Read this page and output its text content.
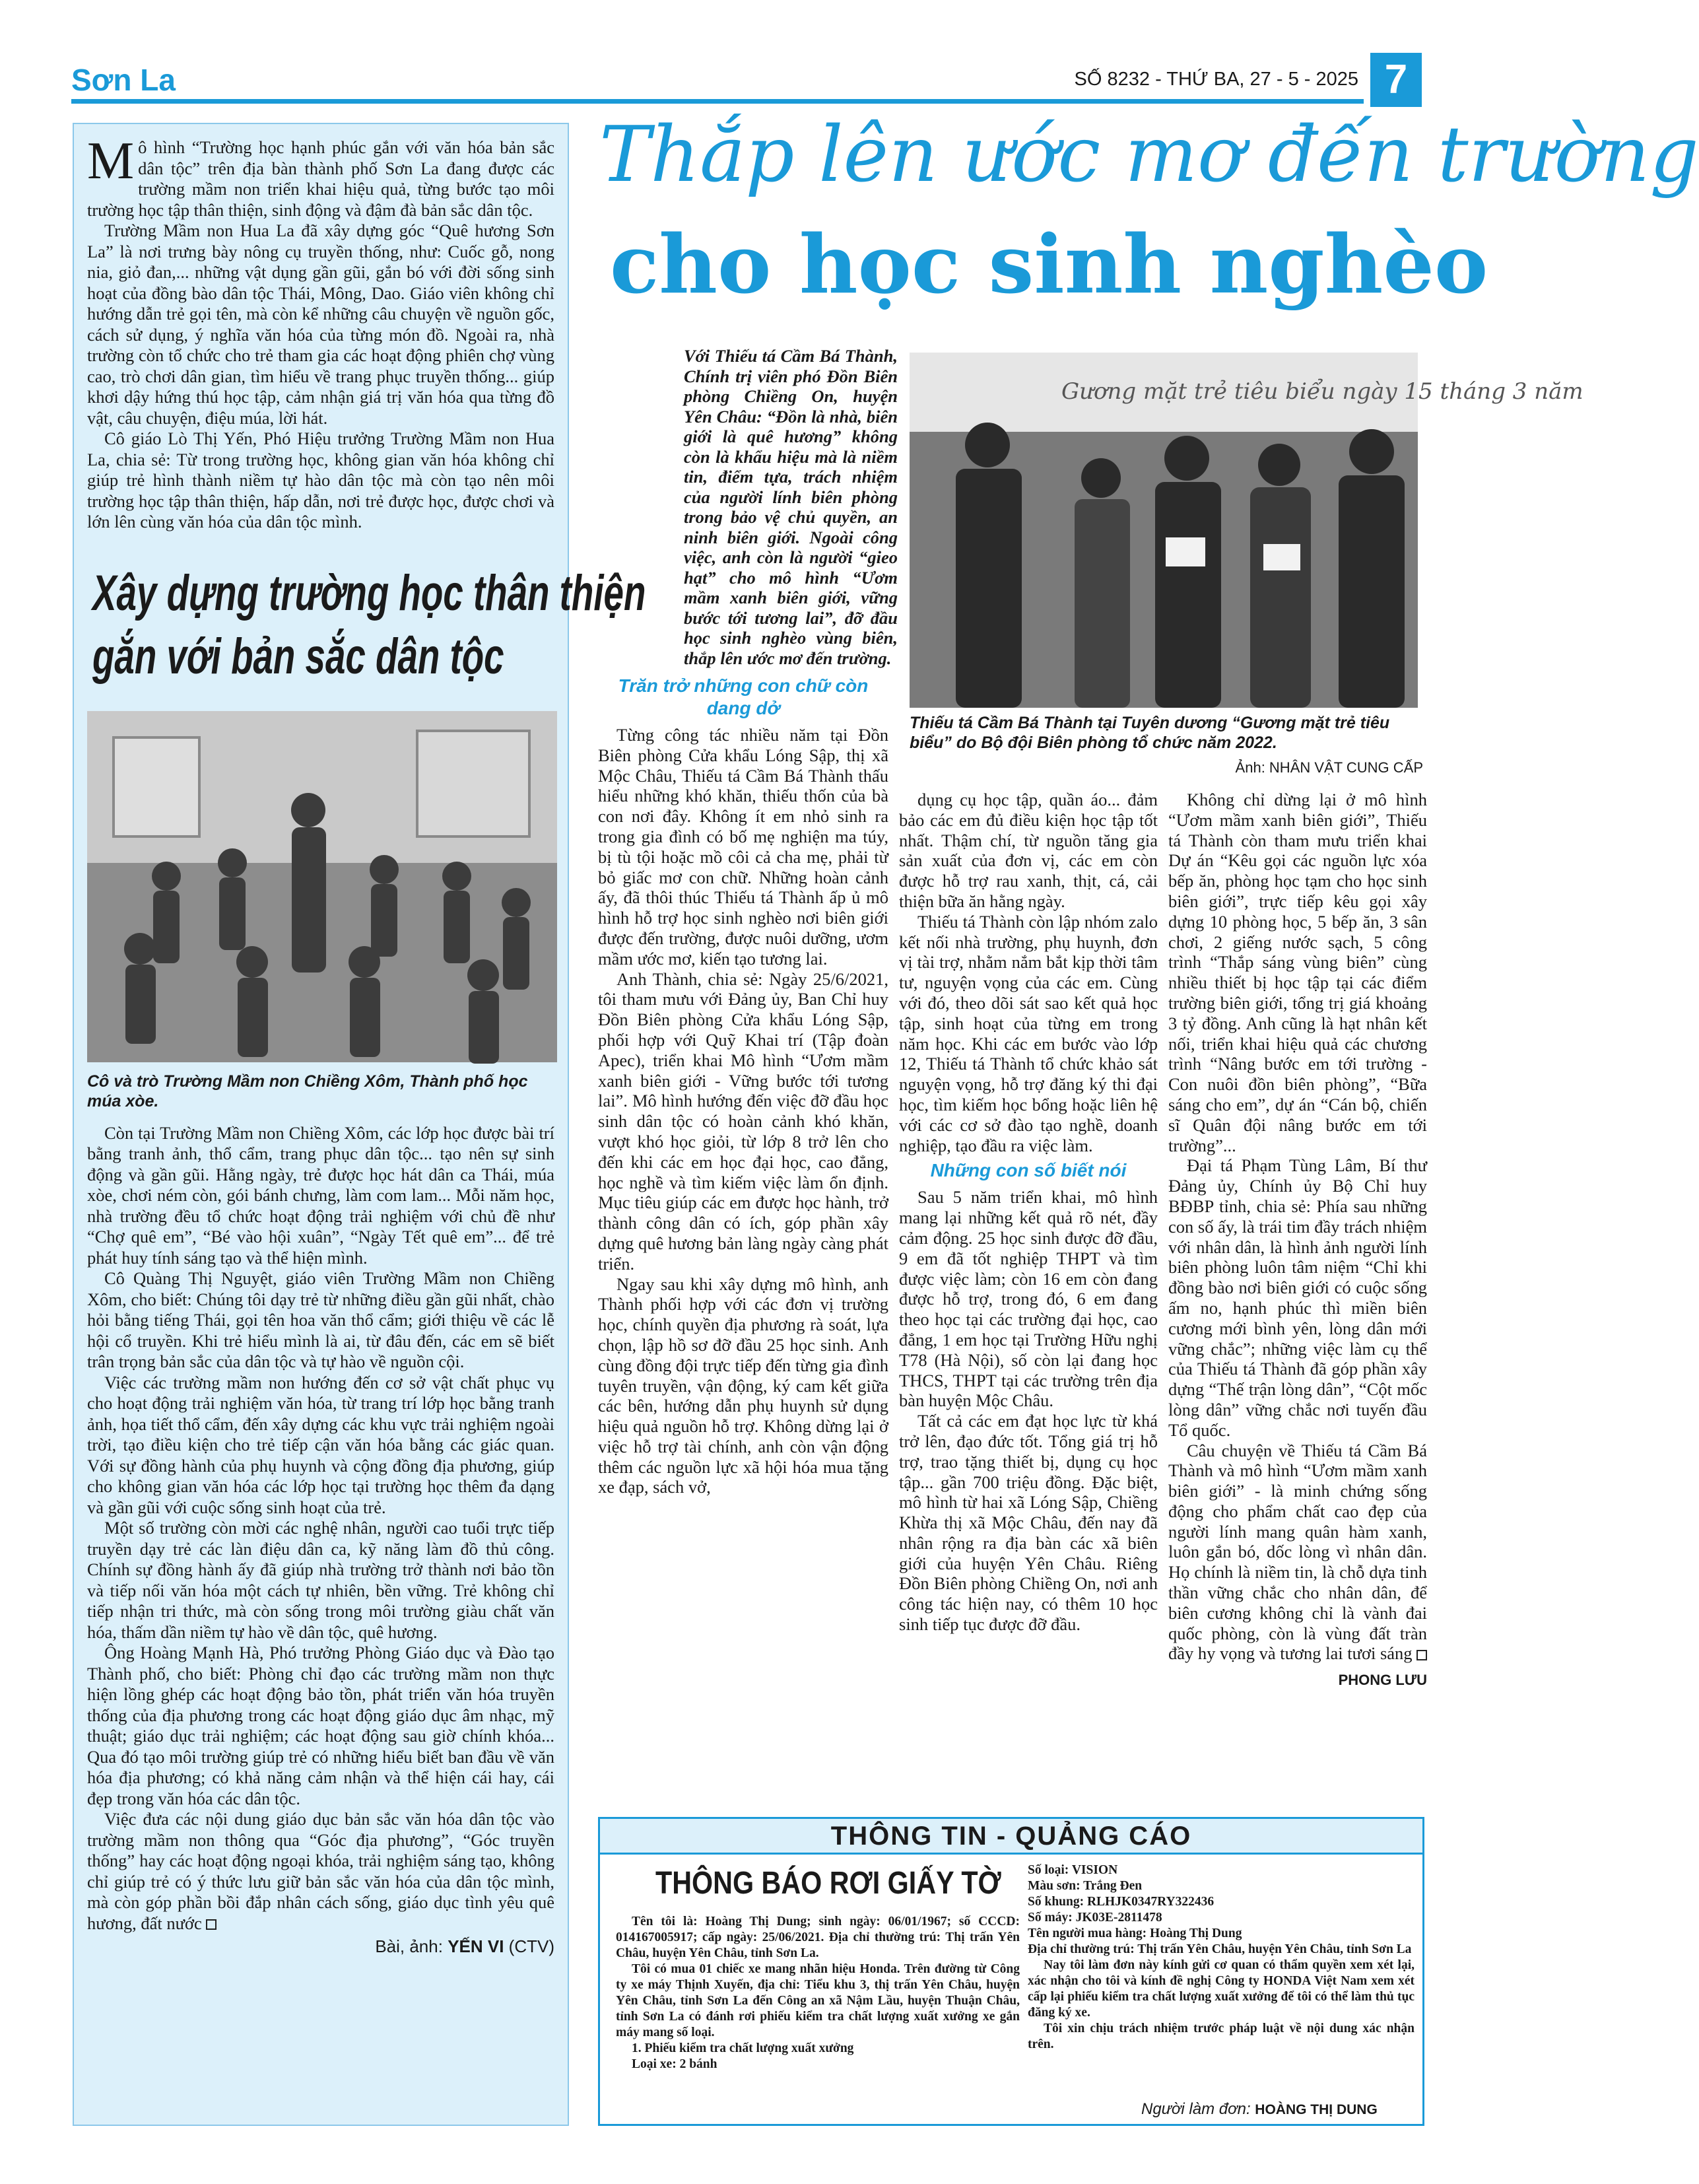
Sơn La	SỐ 8232 - THỨ BA, 27 - 5 - 2025 7

Mô hình “Trường học hạnh phúc gắn với văn hóa bản sắc dân tộc” trên địa bàn thành phố Sơn La đang được các trường mầm non triển khai hiệu quả, từng bước tạo môi trường học tập thân thiện, sinh động và đậm đà bản sắc dân tộc.

Trường Mầm non Hua La đã xây dựng góc “Quê hương Sơn La” là nơi trưng bày nông cụ truyền thống, như: Cuốc gỗ, nong nia, giỏ đan,... những vật dụng gần gũi, gắn bó với đời sống sinh hoạt của đồng bào dân tộc Thái, Mông, Dao. Giáo viên không chỉ hướng dẫn trẻ gọi tên, mà còn kể những câu chuyện về nguồn gốc, cách sử dụng, ý nghĩa văn hóa của từng món đồ. Ngoài ra, nhà trường còn tổ chức cho trẻ tham gia các hoạt động phiên chợ vùng cao, trò chơi dân gian, tìm hiểu về trang phục truyền thống... giúp khơi dậy hứng thú học tập, cảm nhận giá trị văn hóa qua từng đồ vật, câu chuyện, điệu múa, lời hát.

Cô giáo Lò Thị Yến, Phó Hiệu trưởng Trường Mầm non Hua La, chia sẻ: Từ trong trường học, không gian văn hóa không chỉ giúp trẻ hình thành niềm tự hào dân tộc mà còn tạo nên môi trường học tập thân thiện, hấp dẫn, nơi trẻ được học, được chơi và lớn lên cùng văn hóa của dân tộc mình.

Xây dựng trường học thân thiện
gắn với bản sắc dân tộc
Cô và trò Trường Mầm non Chiềng Xôm, Thành phố học múa xòe.

Còn tại Trường Mầm non Chiềng Xôm, các lớp học được bài trí bằng tranh ảnh, thổ cẩm, trang phục dân tộc... tạo nên sự sinh động và gần gũi. Hằng ngày, trẻ được học hát dân ca Thái, múa xòe, chơi ném còn, gói bánh chưng, làm com lam... Mỗi năm học, nhà trường đều tổ chức hoạt động trải nghiệm với chủ đề như “Chợ quê em”, “Bé vào hội xuân”, “Ngày Tết quê em”... để trẻ phát huy tính sáng tạo và thể hiện mình.

Cô Quàng Thị Nguyệt, giáo viên Trường Mầm non Chiềng Xôm, cho biết: Chúng tôi dạy trẻ từ những điều gần gũi nhất, chào hỏi bằng tiếng Thái, gọi tên hoa văn thổ cẩm; giới thiệu về các lễ hội cổ truyền. Khi trẻ hiểu mình là ai, từ đâu đến, các em sẽ biết trân trọng bản sắc của dân tộc và tự hào về nguồn cội.

Việc các trường mầm non hướng đến cơ sở vật chất phục vụ cho hoạt động trải nghiệm văn hóa, từ trang trí lớp học bằng tranh ảnh, họa tiết thổ cẩm, đến xây dựng các khu vực trải nghiệm ngoài trời, tạo điều kiện cho trẻ tiếp cận văn hóa bằng các giác quan. Với sự đồng hành của phụ huynh và cộng đồng địa phương, giúp cho không gian văn hóa các lớp học tại trường học thêm đa dạng và gần gũi với cuộc sống sinh hoạt của trẻ.

Một số trường còn mời các nghệ nhân, người cao tuổi trực tiếp truyền dạy trẻ các làn điệu dân ca, kỹ năng làm đồ thủ công. Chính sự đồng hành ấy đã giúp nhà trường trở thành nơi bảo tồn và tiếp nối văn hóa một cách tự nhiên, bền vững. Trẻ không chỉ tiếp nhận tri thức, mà còn sống trong môi trường giàu chất văn hóa, thấm dần niềm tự hào về dân tộc, quê hương.

Ông Hoàng Mạnh Hà, Phó trưởng Phòng Giáo dục và Đào tạo Thành phố, cho biết: Phòng chỉ đạo các trường mầm non thực hiện lồng ghép các hoạt động bảo tồn, phát triển văn hóa truyền thống của địa phương trong các hoạt động giáo dục âm nhạc, mỹ thuật; giáo dục trải nghiệm; các hoạt động sau giờ chính khóa... Qua đó tạo môi trường giúp trẻ có những hiểu biết ban đầu về văn hóa địa phương; có khả năng cảm nhận và thể hiện cái hay, cái đẹp trong văn hóa các dân tộc.

Việc đưa các nội dung giáo dục bản sắc văn hóa dân tộc vào trường mầm non thông qua “Góc địa phương”, “Góc truyền thống” hay các hoạt động ngoại khóa, trải nghiệm sáng tạo, không chỉ giúp trẻ có ý thức lưu giữ bản sắc văn hóa của dân tộc mình, mà còn góp phần bồi đắp nhân cách sống, giáo dục tình yêu quê hương, đất nước

Bài, ảnh: YẾN VI (CTV)
Thắp lên ước mơ đến trường
cho học sinh nghèo
Với Thiếu tá Cầm Bá Thành, Chính trị viên phó Đồn Biên phòng Chiềng On, huyện Yên Châu: “Đồn là nhà, biên giới là quê hương” không còn là khẩu hiệu mà là niềm tin, điểm tựa, trách nhiệm của người lính biên phòng trong bảo vệ chủ quyền, an ninh biên giới. Ngoài công việc, anh còn là người “gieo hạt” cho mô hình “Ươm mầm xanh biên giới, vững bước tới tương lai”, đỡ đầu học sinh nghèo vùng biên, thắp lên ước mơ đến trường.
Gương mặt trẻ tiêu biểu ngày 15 tháng 3 năm
Thiếu tá Cầm Bá Thành tại Tuyên dương “Gương mặt trẻ tiêu biểu” do Bộ đội Biên phòng tổ chức năm 2022.
Ảnh: NHÂN VẬT CUNG CẤP
Trăn trở những con chữ còn dang dở

Từng công tác nhiều năm tại Đồn Biên phòng Cửa khẩu Lóng Sập, thị xã Mộc Châu, Thiếu tá Cầm Bá Thành thấu hiểu những khó khăn, thiếu thốn của bà con nơi đây. Không ít em nhỏ sinh ra trong gia đình có bố mẹ nghiện ma túy, bị tù tội hoặc mồ côi cả cha mẹ, phải từ bỏ giấc mơ con chữ. Những hoàn cảnh ấy, đã thôi thúc Thiếu tá Thành ấp ủ mô hình hỗ trợ học sinh nghèo nơi biên giới được đến trường, được nuôi dưỡng, ươm mầm ước mơ, kiến tạo tương lai.

Anh Thành, chia sẻ: Ngày 25/6/2021, tôi tham mưu với Đảng ủy, Ban Chỉ huy Đồn Biên phòng Cửa khẩu Lóng Sập, phối hợp với Quỹ Khai trí (Tập đoàn Apec), triển khai Mô hình “Ươm mầm xanh biên giới - Vững bước tới tương lai”. Mô hình hướng đến việc đỡ đầu học sinh dân tộc có hoàn cảnh khó khăn, vượt khó học giỏi, từ lớp 8 trở lên cho đến khi các em học đại học, cao đẳng, học nghề và tìm kiếm việc làm ổn định. Mục tiêu giúp các em được học hành, trở thành công dân có ích, góp phần xây dựng quê hương bản làng ngày càng phát triển.

Ngay sau khi xây dựng mô hình, anh Thành phối hợp với các đơn vị trường học, chính quyền địa phương rà soát, lựa chọn, lập hồ sơ đỡ đầu 25 học sinh. Anh cùng đồng đội trực tiếp đến từng gia đình tuyên truyền, vận động, ký cam kết giữa các bên, hướng dẫn phụ huynh sử dụng hiệu quả nguồn hỗ trợ. Không dừng lại ở việc hỗ trợ tài chính, anh còn vận động thêm các nguồn lực xã hội hóa mua tặng xe đạp, sách vở,

dụng cụ học tập, quần áo... đảm bảo các em đủ điều kiện học tập tốt nhất. Thậm chí, từ nguồn tăng gia sản xuất của đơn vị, các em còn được hỗ trợ rau xanh, thịt, cá, cải thiện bữa ăn hằng ngày.

Thiếu tá Thành còn lập nhóm zalo kết nối nhà trường, phụ huynh, đơn vị tài trợ, nhằm nắm bắt kịp thời tâm tư, nguyện vọng của các em. Cùng với đó, theo dõi sát sao kết quả học tập, sinh hoạt của từng em trong năm học. Khi các em bước vào lớp 12, Thiếu tá Thành tổ chức khảo sát nguyện vọng, hỗ trợ đăng ký thi đại học, tìm kiếm học bổng hoặc liên hệ với các cơ sở đào tạo nghề, doanh nghiệp, tạo đầu ra việc làm.

Những con số biết nói

Sau 5 năm triển khai, mô hình mang lại những kết quả rõ nét, đầy cảm động. 25 học sinh được đỡ đầu, 9 em đã tốt nghiệp THPT và tìm được việc làm; còn 16 em còn đang được hỗ trợ, trong đó, 6 em đang theo học tại các trường đại học, cao đẳng, 1 em học tại Trường Hữu nghị T78 (Hà Nội), số còn lại đang học THCS, THPT tại các trường trên địa bàn huyện Mộc Châu.

Tất cả các em đạt học lực từ khá trở lên, đạo đức tốt. Tổng giá trị hỗ trợ, trao tặng thiết bị, dụng cụ học tập... gần 700 triệu đồng. Đặc biệt, mô hình từ hai xã Lóng Sập, Chiềng Khừa thị xã Mộc Châu, đến nay đã nhân rộng ra địa bàn các xã biên giới của huyện Yên Châu. Riêng Đồn Biên phòng Chiềng On, nơi anh công tác hiện nay, có thêm 10 học sinh tiếp tục được đỡ đầu.

Không chỉ dừng lại ở mô hình “Ươm mầm xanh biên giới”, Thiếu tá Thành còn tham mưu triển khai Dự án “Kêu gọi các nguồn lực xóa bếp ăn, phòng học tạm cho học sinh biên giới”, trực tiếp kêu gọi xây dựng 10 phòng học, 5 bếp ăn, 3 sân chơi, 2 giếng nước sạch, 5 công trình “Thắp sáng vùng biên” cùng nhiều thiết bị học tập tại các điểm trường biên giới, tổng trị giá khoảng 3 tỷ đồng. Anh cũng là hạt nhân kết nối, triển khai hiệu quả các chương trình “Nâng bước em tới trường - Con nuôi đồn biên phòng”, “Bữa sáng cho em”, dự án “Cán bộ, chiến sĩ Quân đội nâng bước em tới trường”...

Đại tá Phạm Tùng Lâm, Bí thư Đảng ủy, Chính ủy Bộ Chỉ huy BĐBP tỉnh, chia sẻ: Phía sau những con số ấy, là trái tim đầy trách nhiệm với nhân dân, là hình ảnh người lính biên phòng luôn tâm niệm “Chỉ khi đồng bào nơi biên giới có cuộc sống ấm no, hạnh phúc thì miền biên cương mới bình yên, lòng dân mới vững chắc”; những việc làm cụ thể của Thiếu tá Thành đã góp phần xây dựng “Thế trận lòng dân”, “Cột mốc lòng dân” vững chắc nơi tuyến đầu Tổ quốc.

Câu chuyện về Thiếu tá Cầm Bá Thành và mô hình “Ươm mầm xanh biên giới” - là minh chứng sống động cho phẩm chất cao đẹp của người lính mang quân hàm xanh, luôn gắn bó, dốc lòng vì nhân dân. Họ chính là niềm tin, là chỗ dựa tinh thần vững chắc cho nhân dân, để biên cương không chỉ là vành đai quốc phòng, còn là vùng đất tràn đầy hy vọng và tương lai tươi sáng

PHONG LƯU
THÔNG TIN - QUẢNG CÁO
THÔNG BÁO RƠI GIẤY TỜ

Tên tôi là: Hoàng Thị Dung; sinh ngày: 06/01/1967; số CCCD: 014167005917; cấp ngày: 25/06/2021. Địa chỉ thường trú: Thị trấn Yên Châu, huyện Yên Châu, tỉnh Sơn La.

Tôi có mua 01 chiếc xe mang nhãn hiệu Honda. Trên đường từ Công ty xe máy Thịnh Xuyến, địa chỉ: Tiểu khu 3, thị trấn Yên Châu, huyện Yên Châu, tỉnh Sơn La đến Công an xã Nậm Lầu, huyện Thuận Châu, tỉnh Sơn La có đánh rơi phiếu kiểm tra chất lượng xuất xưởng xe gắn máy mang số loại.

1. Phiếu kiểm tra chất lượng xuất xưởng

Loại xe: 2 bánh

Số loại: VISION

Màu sơn: Trắng Đen

Số khung: RLHJK0347RY322436

Số máy: JK03E-2811478

Tên người mua hàng: Hoàng Thị Dung

Địa chỉ thường trú: Thị trấn Yên Châu, huyện Yên Châu, tỉnh Sơn La

Nay tôi làm đơn này kính gửi cơ quan có thẩm quyền xem xét lại, xác nhận cho tôi và kính đề nghị Công ty HONDA Việt Nam xem xét cấp lại phiếu kiểm tra chất lượng xuất xưởng để tôi có thể làm thủ tục đăng ký xe.

Tôi xin chịu trách nhiệm trước pháp luật về nội dung xác nhận trên.

Người làm đơn: HOÀNG THỊ DUNG
